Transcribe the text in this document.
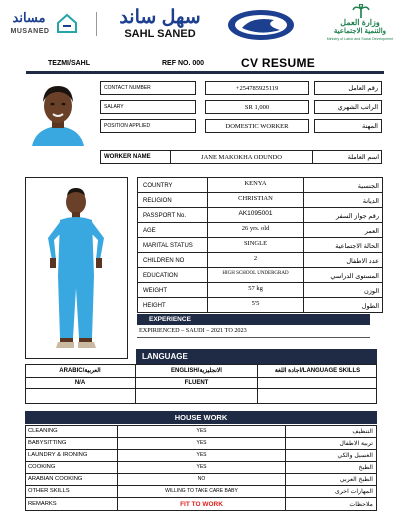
مساند
MUSANED
سهل ساند
SAHL SANED
وزارة العمل
والتنمية الاجتماعية
Ministry of Labor and Social Development
TEZMI/SAHL	REF NO. 000	CV RESUME
CONTACT NUMBER	+254785925119	رقم العامل
SALARY	SR 1,000	الراتب الشهري
POSITION APPLIED	DOMESTIC WORKER	المهنة
WORKER NAME	JANE MAKOKHA ODUNDO	اسم العاملة
COUNTRY	KENYA	الجنسية
RELIGION	CHRISTIAN	الديانة
PASSPORT No.	AK1095001	رقم جواز السفر
AGE	26 yrs. old	العمر
MARITAL STATUS	SINGLE	الحالة الاجتماعية
CHILDREN NO	2	عدد الاطفال
EDUCATION	HIGH SCHOOL UNDERGRAD	المستوى الدراسي
WEIGHT	57 kg	الوزن
HEIGHT	5'5	الطول
EXPERIENCE
EXPIRIENCED – SAUDI – 2021 TO 2023
LANGUAGE
ARABIC/العربية	ENGLISH/الانجليزية	اجادة اللغة/LANGUAGE SKILLS
N/A	FLUENT
HOUSE WORK
CLEANING	YES	التنظيف
BABYSITTING	YES	تربية الاطفال
LAUNDRY & IRONING	YES	الغسيل والكي
COOKING	YES	الطبخ
ARABIAN COOKING	NO	الطبخ العربي
OTHER SKILLS	WILLING TO TAKE CARE BABY	المهارات اخرى
REMARKS	FIT TO WORK	ملاحظات
